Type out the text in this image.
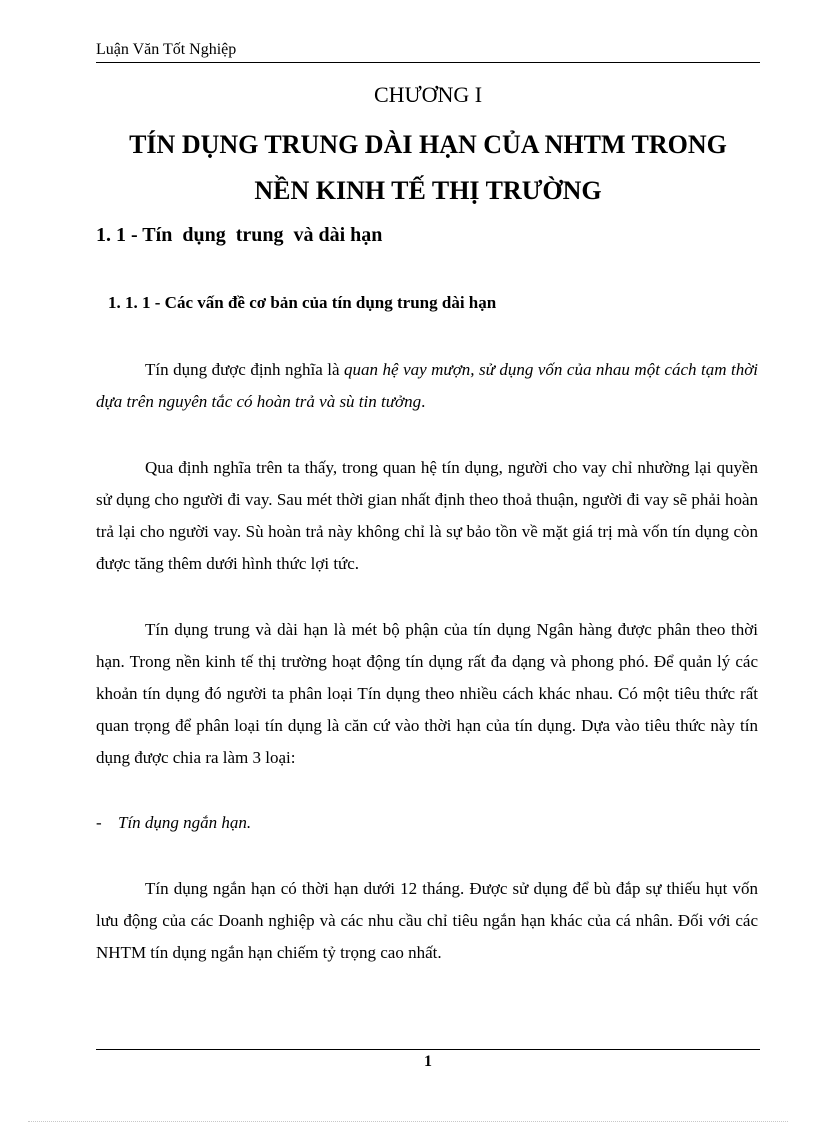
Luận Văn Tốt Nghiệp
CHƯƠNG I
TÍN DỤNG TRUNG DÀI HẠN CỦA NHTM TRONG
NỀN KINH TẾ THỊ TRƯỜNG
1. 1 - Tín  dụng  trung  và dài hạn
1. 1. 1 - Các vấn đề cơ bản của tín dụng trung dài hạn

Tín dụng được định nghĩa là quan hệ vay mượn, sử dụng vốn của nhau một cách tạm thời dựa trên nguyên tắc có hoàn trả và sù tin tưởng.

Qua định nghĩa trên ta thấy, trong quan hệ tín dụng, người cho vay chỉ nhường lại quyền sử dụng cho người đi vay. Sau mét thời gian nhất định theo thoả thuận, người đi vay sẽ phải hoàn trả lại cho người vay. Sù hoàn trả này không chỉ là sự bảo tồn về mặt giá trị mà vốn tín dụng còn được tăng thêm dưới hình thức lợi tức.

Tín dụng trung và dài hạn là mét bộ phận của tín dụng Ngân hàng được phân theo thời hạn. Trong nền kinh tế thị trường hoạt động tín dụng rất đa dạng và phong phó. Để quản lý các khoản tín dụng đó người ta phân loại Tín dụng theo nhiều cách khác nhau. Có một tiêu thức rất quan trọng để phân loại tín dụng là căn cứ vào thời hạn của tín dụng. Dựa vào tiêu thức này tín dụng được chia ra làm 3 loại:

- Tín dụng ngắn hạn.

Tín dụng ngắn hạn có thời hạn dưới 12 tháng. Được sử dụng để bù đắp sự thiếu hụt vốn lưu động của các Doanh nghiệp và các nhu cầu chỉ tiêu ngắn hạn khác của cá nhân. Đối với các NHTM tín dụng ngắn hạn chiếm tỷ trọng cao nhất.

1
